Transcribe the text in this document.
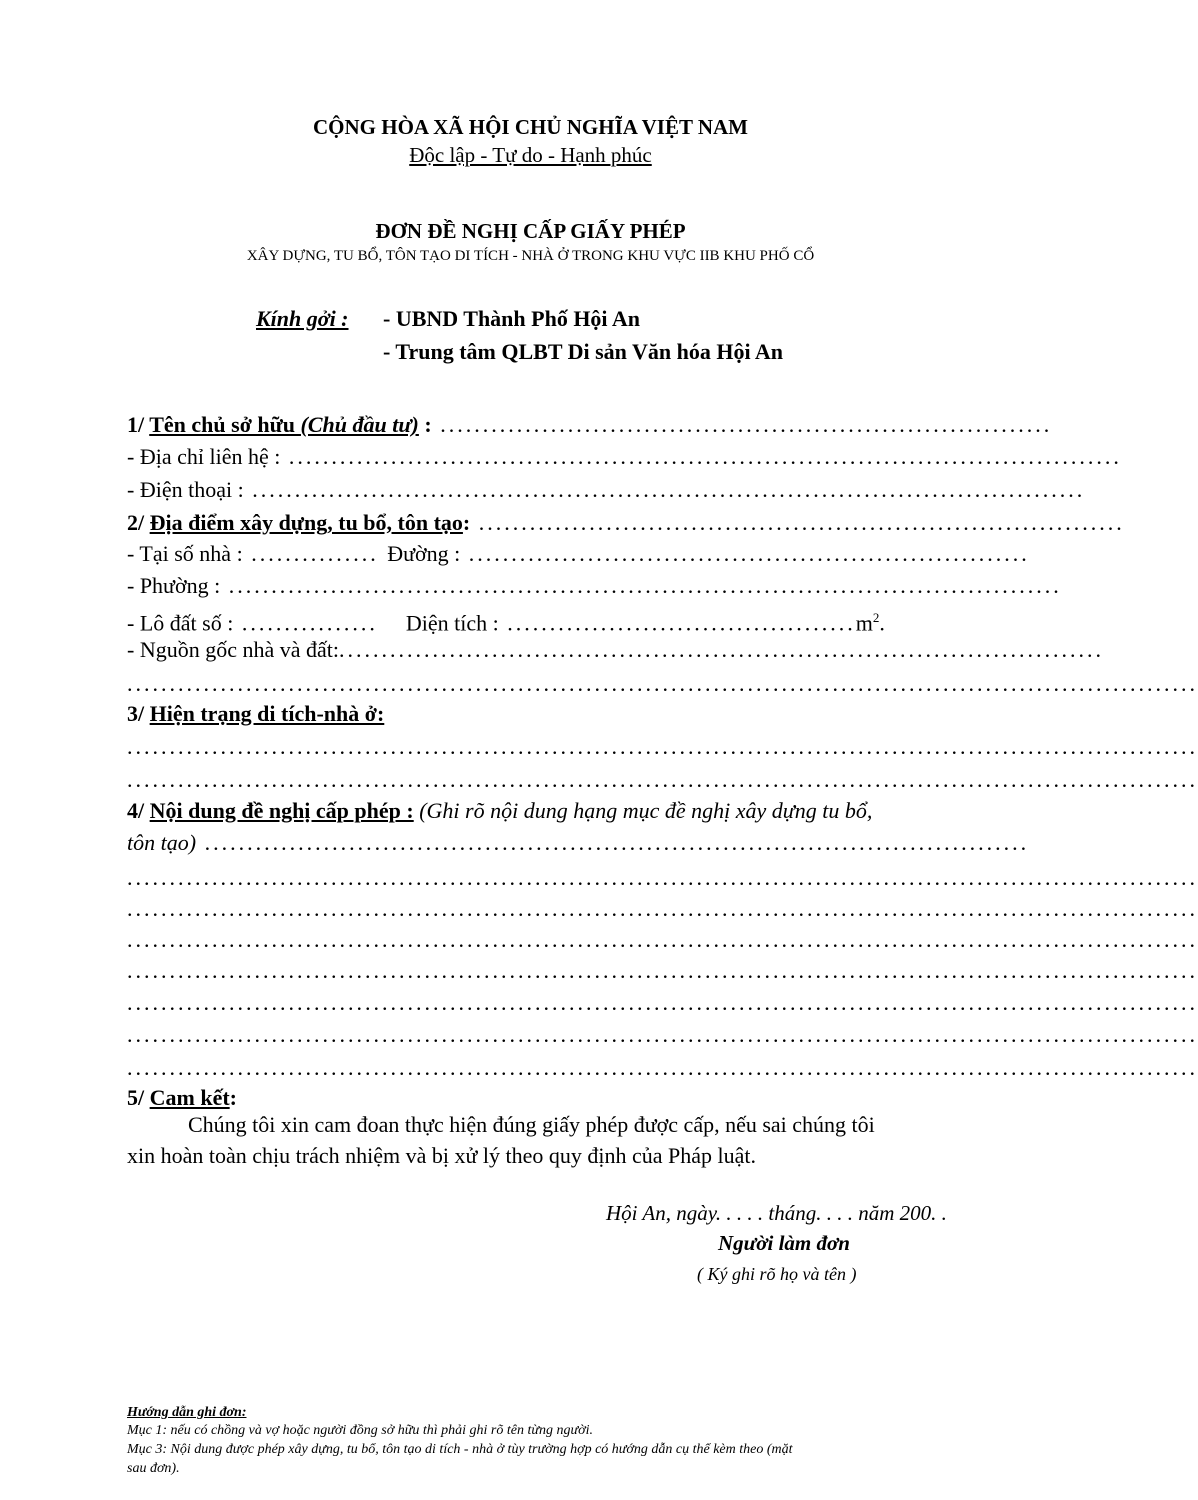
CỘNG HÒA XÃ HỘI CHỦ NGHĨA VIỆT NAM
Độc lập - Tự do - Hạnh phúc
ĐƠN ĐỀ NGHỊ CẤP GIẤY PHÉP
XÂY DỰNG, TU BỔ, TÔN TẠO DI TÍCH - NHÀ Ở TRONG KHU VỰC IIB KHU PHỐ CỔ
Kính gởi : - UBND Thành Phố Hội An
- Trung tâm QLBT Di sản Văn hóa Hội An
1/ Tên chủ sở hữu (Chủ đầu tư) : ........................................................................
- Địa chỉ liên hệ : ..................................................................................................
- Điện thoại : ..................................................................................................
2/ Địa điểm xây dựng, tu bổ, tôn tạo: ............................................................................
- Tại số nhà : ............... Đường : ..................................................................
- Phường : ..................................................................................................
- Lô đất số : ................ Diện tích : $.........................................m^2$.
- Nguồn gốc nhà và đất:..........................................................................................
..............................................................................................................................
3/ Hiện trạng di tích-nhà ở:
..............................................................................................................................
..............................................................................................................................
4/ Nội dung đề nghị cấp phép : (Ghi rõ nội dung hạng mục đề nghị xây dựng tu bổ,
tôn tạo) .................................................................................................
..............................................................................................................................
..............................................................................................................................
..............................................................................................................................
..............................................................................................................................
..............................................................................................................................
..............................................................................................................................
..............................................................................................................................
5/ Cam kết:
Chúng tôi xin cam đoan thực hiện đúng giấy phép được cấp, nếu sai chúng tôi
xin hoàn toàn chịu trách nhiệm và bị xử lý theo quy định của Pháp luật.
Hội An, ngày. . . . . tháng. . . . năm 200. .
Người làm đơn
( Ký ghi rõ họ và tên )
Hướng dẫn ghi đơn:
Mục 1: nếu có chồng và vợ hoặc người đồng sở hữu thì phải ghi rõ tên từng người.
Mục 3: Nội dung được phép xây dựng, tu bổ, tôn tạo di tích - nhà ở tùy trường hợp có hướng dẫn cụ thể kèm theo (mặt
sau đơn).
